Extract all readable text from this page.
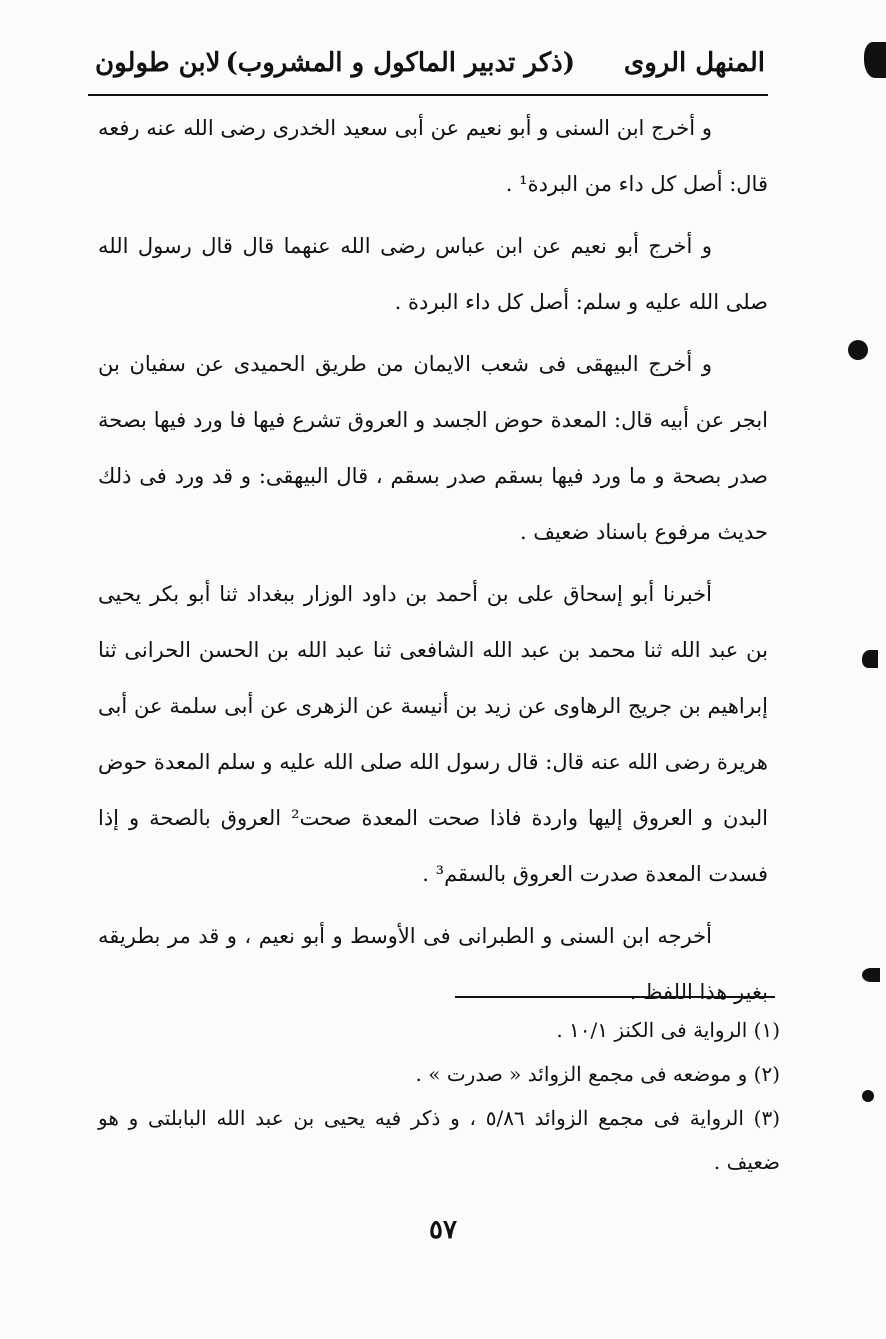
المنهل الروى
(ذكر تدبير الماكول و المشروب)
لابن طولون

و أخرج ابن السنى و أبو نعيم عن أبى سعيد الخدرى رضى الله عنه رفعه قال: أصل كل داء من البردة¹ .

و أخرج أبو نعيم عن ابن عباس رضى الله عنهما قال قال رسول الله صلى الله عليه و سلم: أصل كل داء البردة .

و أخرج البيهقى فى شعب الايمان من طريق الحميدى عن سفيان بن ابجر عن أبيه قال: المعدة حوض الجسد و العروق تشرع فيها فا ورد فيها بصحة صدر بصحة و ما ورد فيها بسقم صدر بسقم ، قال البيهقى: و قد ورد فى ذلك حديث مرفوع باسناد ضعيف .

أخبرنا أبو إسحاق على بن أحمد بن داود الوزار ببغداد ثنا أبو بكر يحيى بن عبد الله ثنا محمد بن عبد الله الشافعى ثنا عبد الله بن الحسن الحرانى ثنا إبراهيم بن جريج الرهاوى عن زيد بن أنيسة عن الزهرى عن أبى سلمة عن أبى هريرة رضى الله عنه قال: قال رسول الله صلى الله عليه و سلم المعدة حوض البدن و العروق إليها واردة فاذا صحت المعدة صحت² العروق بالصحة و إذا فسدت المعدة صدرت العروق بالسقم³ .

أخرجه ابن السنى و الطبرانى فى الأوسط و أبو نعيم ، و قد مر بطريقه بغير هذا اللفظ .

(١) الرواية فى الكنز ١٠/١ .

(٢) و موضعه فى مجمع الزوائد « صدرت » .

(٣) الرواية فى مجمع الزوائد ٥/٨٦ ، و ذكر فيه يحيى بن عبد الله البابلتى و هو ضعيف .

٥٧
